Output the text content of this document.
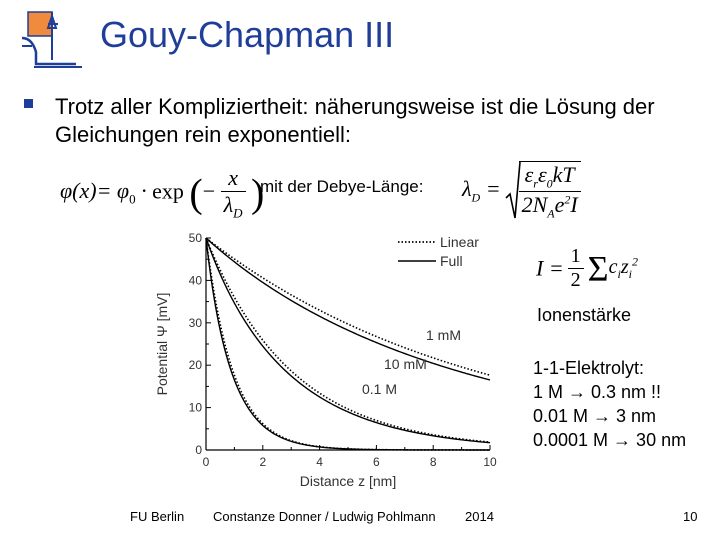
Gouy-Chapman III
Trotz aller Kompliziertheit: näherungsweise ist die Lösung der Gleichungen rein exponentiell:
$\varphi(x)= \varphi_0 \cdot \exp$ (− $\frac{x}{\lambda_D}$ )
mit der Debye-Länge: $\lambda_D = \frac{\varepsilon_r\varepsilon_0kT}{2N_Ae^2I}$
$I = \frac{1}{2} \Sigma c_iz_i^2$
Ionenstärke
1-1-Elektrolyt:
1 M → 0.3 nm !!
0.01 M → 3 nm
0.0001 M → 30 nm
0	2	4	6	8	10
0
10
20
30
40
50
Distance z [nm]
Potential Ψ [mV]	1 mM
10 mM
0.1 M
Linear
Full
FU Berlin Constanze Donner / Ludwig Pohlmann 2014	10
